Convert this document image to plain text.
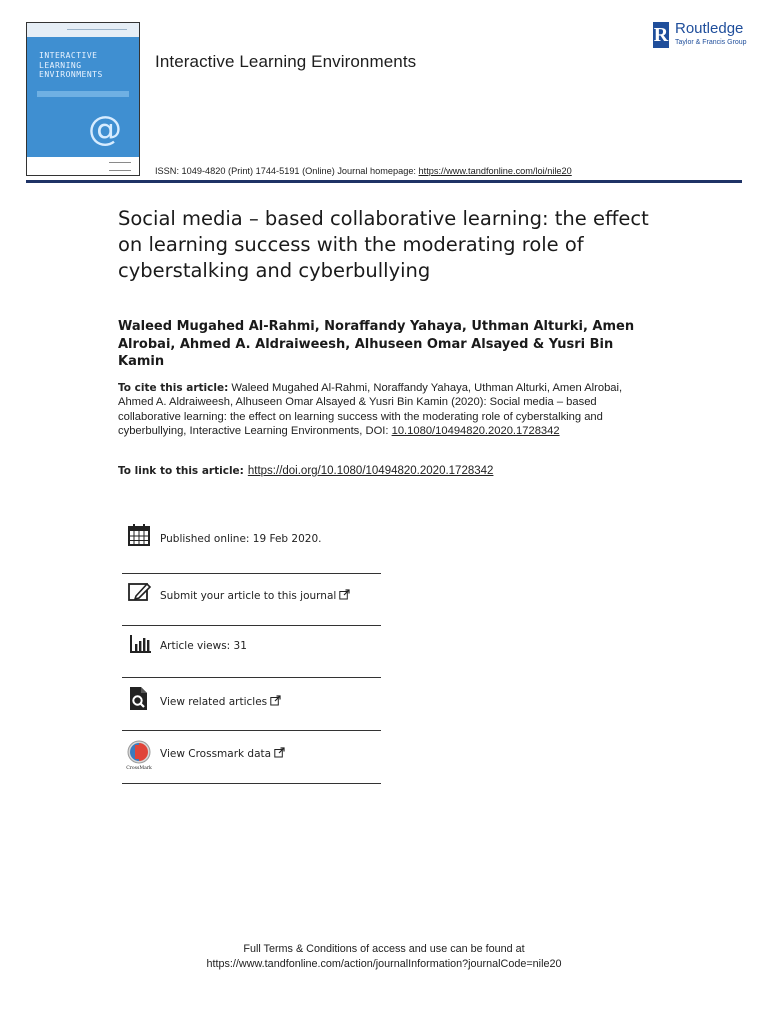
INTERACTIVE
LEARNING
ENVIRONMENTS
@
Interactive Learning Environments
R Routledge
Taylor & Francis Group
ISSN: 1049-4820 (Print) 1744-5191 (Online) Journal homepage: https://www.tandfonline.com/loi/nile20
Social media – based collaborative learning: the effect on learning success with the moderating role of cyberstalking and cyberbullying
Waleed Mugahed Al-Rahmi, Noraffandy Yahaya, Uthman Alturki, Amen Alrobai, Ahmed A. Aldraiweesh, Alhuseen Omar Alsayed & Yusri Bin Kamin
To cite this article: Waleed Mugahed Al-Rahmi, Noraffandy Yahaya, Uthman Alturki, Amen Alrobai, Ahmed A. Aldraiweesh, Alhuseen Omar Alsayed & Yusri Bin Kamin (2020): Social media – based collaborative learning: the effect on learning success with the moderating role of cyberstalking and cyberbullying, Interactive Learning Environments, DOI: 10.1080/10494820.2020.1728342
To link to this article: https://doi.org/10.1080/10494820.2020.1728342
Published online: 19 Feb 2020.
Submit your article to this journal
Article views: 31
View related articles
CrossMark
View Crossmark data
Full Terms & Conditions of access and use can be found at
https://www.tandfonline.com/action/journalInformation?journalCode=nile20
